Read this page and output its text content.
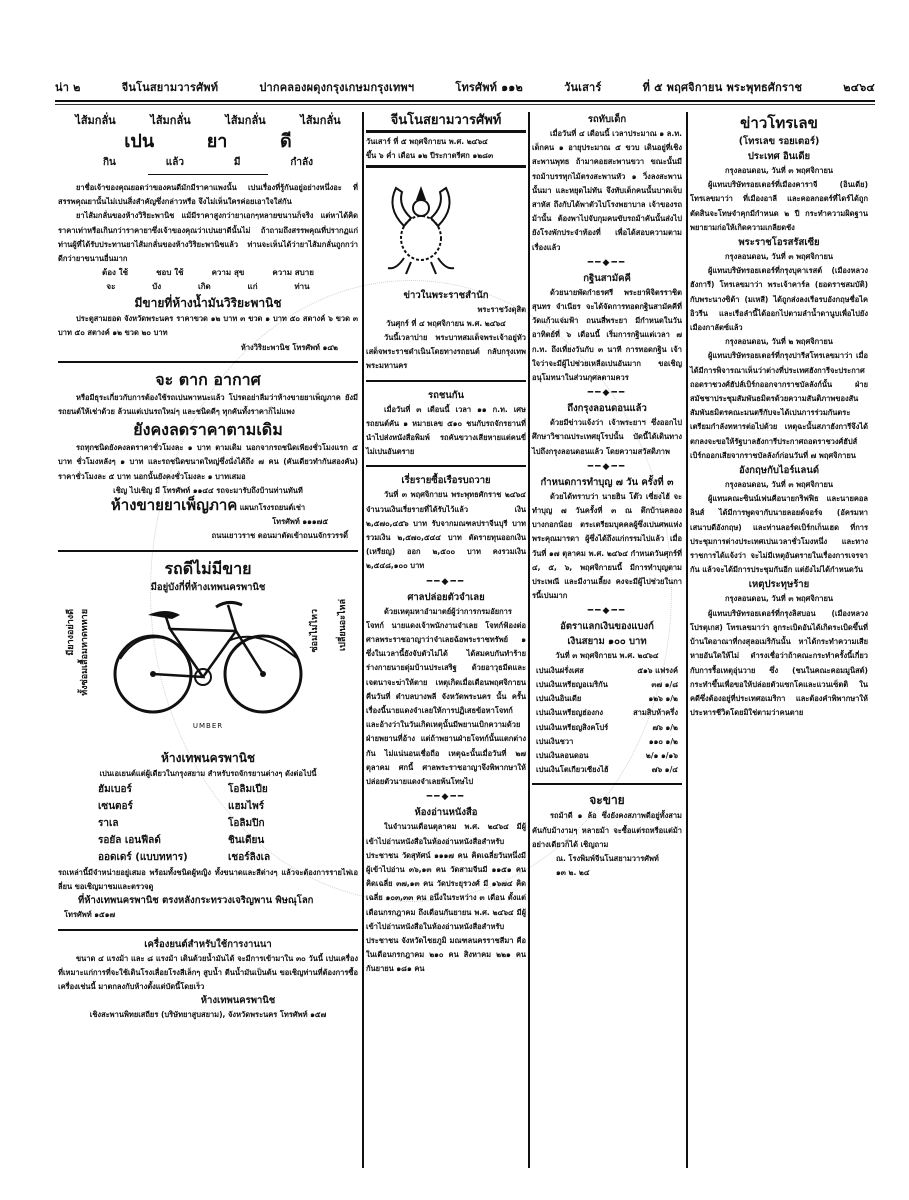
น่า ๒	จีนโนสยามวารศัพท์	ปากคลองผดุงกรุงเกษมกรุงเทพฯ	โทรศัพท์ ๑๑๒	วันเสาร์	ที่ ๕ พฤศจิกายน พระพุทธศักราช	๒๔๖๔
ไส้มกลั่น	ไส้มกลั่น	ไส้มกลั่น	ไส้มกลั่น
เปน	ยา	ดี
กิน	แล้ว	มี	กำลัง

ยาชื่อเจ้าของคุณยอดว่าของคนดีมักมีราคาแพงนั้น เปนเรื่องที่รู้กันอยู่อย่างหนึ่งอะ ที่สรรพคุณยานั้นไม่เปนสิ่งสำคัญซึ่งกล่าวหรือ จึงไม่เห็นใครค่อยเอาใจใส่กัน

ยาไส้มกลั่นของห้างวิริยะพานิช แม้มีราคาสูงกว่ายาเอกๆหลายขนานก็จริง แต่หาได้คิดราคาเท่าหรือเกินกว่าราคายาซึ่งเจ้าของคุณว่าเปนยาดีนั้นไม่ ถ้าถามถึงสรรพคุณที่ปรากฏแก่ท่านผู้ที่ได้รับประทานยาไส้มกลั่นของห้างวิริยะพานิชแล้ว ท่านจะเห็นได้ว่ายาไส้มกลั่นถูกกว่า ดีกว่ายาขนานอื่นมาก

ต้อง ใช้	ชอบ ใช้	ความ สุข	ความ สบาย
จะ	บัง	เกิด	แก่	ท่าน
มีขายที่ห้างน้ำมันวิริยะพานิช

ประตูสามยอด จังหวัดพระนคร ราคาขวด ๑๒ บาท ๓ ขวด ๑ บาท ๕๐ สตางค์ ๖ ขวด ๓ บาท ๕๐ สตางค์ ๑๒ ขวด ๒๐ บาท

ห้างวิริยะพานิช โทรศัพท์ ๑๔๒
จะ ตาก อากาศ

หรือมีธุระเกี่ยวกับการต้องใช้รถเปนพาหนะแล้ว โปรดอย่าลืมว่าห้างขายยาเพ็ญภาค ยังมีรถยนต์ให้เช่าด้วย ล้วนแต่เปนรถใหม่ๆ และชนิดดีๆ ทุกคันทั้งราคาก็ไม่แพง

ยังคงลดราคาตามเดิม

รถทุกชนิดยังคงลดราคาชั่วโมงละ ๑ บาท ตามเดิม นอกจากรถชนิดเพียงชั่วโมงแรก ๕ บาท ชั่วโมงหลังๆ ๑ บาท และรถชนิดขนาดใหญ่ซึ่งนั่งได้ถึง ๗ คน (คันเดียวทำกันสองคัน) ราคาชั่วโมงละ ๕ บาท นอกนั้นยังคงชั่วโมงละ ๑ บาทเสมอ

เชิญ ไปเชิญ มี โทรศัพท์ ๑๑๔๔ รถจะมารับถึงบ้านท่านทันที
ห้างขายยาเพ็ญภาค แผนกโรงรถยนต์เช่า
โทรศัพท์ ๑๑๑๗๕
ถนนเยาวราช ตอนมาตัดเข้าถนนจักรวรรดิ์
รถดีไม่มีขาย
มีอยู่บังกี่ที่ห้างเทพนครพานิช
มียางอย่างดี ทั้งซ่อมเสื้อมหาดทหาย	ซ่อมไม่ไหว เปลี่ยนอะไหล่
UMBER
ห้างเทพนครพานิช
เปนเอเยนต์แต่ผู้เดียวในกรุงสยาม สำหรับรถจักรยานต่างๆ ดังต่อไปนี้
ฮัมเบอร์	โอลิมเปีย
เซนตอร์	แฮมไพร์
ราเล	โอลิมปิก
รอยัล เอนฟีลด์	ชินเดียน
ออดเดร์ (แบบทหาร)	เชอร์ลิงเล

รถเหล่านี้มีจำหน่ายอยู่เสมอ พร้อมทั้งชนิดผู้หญิง ทั้งขนาดและสีต่างๆ แล้วจะต้องการรายไฟเอลี่ยน ขอเชิญมาชมและตรวจดู

ที่ห้างเทพนครพานิช ตรงหลังกระทรวงเจริญพาน พิษณุโลก
โทรศัพท์ ๑๕๑๗
เครื่องยนต์สำหรับใช้การงานนา

ขนาด ๔ แรงม้า และ ๘ แรงม้า เดินด้วยน้ำมันได้ จะมีการเข้ามาใน ๓๐ วันนี้ เปนเครื่องที่เหมาะแก่การที่จะใช้เดินโรงเลื่อยโรงสีเล็กๆ สูบน้ำ ตีนน้ำมันเป็นต้น ขอเชิญท่านที่ต้องการซื้อเครื่องเช่นนี้ มาตกลงกับห้างตั้งแต่บัดนี้โดยเร็ว

ห้างเทพนครพานิช
เชิงสะพานพิทยเสถียร (บริษัทยาสูบสยาม), จังหวัดพระนคร โทรศัพท์ ๑๕๗
จีนโนสยามวารศัพท์
วันเสาร์ ที่ ๕ พฤศจิกายน พ.ศ. ๒๔๖๔
ขึ้น ๖ ค่ำ เดือน ๑๒ ปีระกาตรีศก ๑๒๘๓
ข่าวในพระราชสำนัก
พระราชวังดุสิต
วันศุกร์ ที่ ๔ พฤศจิกายน พ.ศ. ๒๔๖๔

วันนี้เวลาบ่าย พระบาทสมเด็จพระเจ้าอยู่หัว เสด็จพระราชดำเนินโดยทางรถยนต์ กลับกรุงเทพพระมหานคร

รถชนกัน

เมื่อวันที่ ๓ เดือนนี้ เวลา ๑๑ ก.ท. เศษ รถยนต์คัน ๑ หมายเลข ๕๑๐ ชนกับรถจักรยานที่นำไปส่งหนังสือพิมพ์ รถคันขวางเสียหายแต่คนขี่ไม่เปนอันตราย

เรี่ยรายซื้อเรือรบถวาย

วันที่ ๓ พฤศจิกายน พระพุทธศักราช ๒๔๖๔ จำนวนเงินเรี่ยรายที่ได้รับไว้แล้ว เงิน ๒,๕๗๐,๔๕๖ บาท รับจากมณฑลปราจีนบุรี บาท รวมเงิน ๒,๕๗๐,๕๔๔ บาท ตัดรายทุนออกเงิน (เหรียญ) ออก ๒,๕๐๐ บาท คงรวมเงิน ๒,๕๔๘,๑๐๐ บาท

━━◆━━
ศาลปล่อยตัวจำเลย

ด้วยเหตุมหาอำมาตย์ผู้ว่าการกรมอัยการโจทก์ นายแดงเจ้าพนักงานจำเลย โจทก์ฟ้องต่อศาลพระราชอาญาว่าจำเลยฉ้อพระราชทรัพย์ ๑ ซึ่งในเวลานี้ยังจับตัวไม่ได้ ได้สมคบกันทำร้ายร่างกายนายดุ่มบ้านประเสริฐ ด้วยอาวุธมีดและเจตนาจะฆ่าให้ตาย เหตุเกิดเมื่อเดือนพฤศจิกายน คืนวันที่ ตำบลบางพลี จังหวัดพระนคร นั้น ครั้นเรื่องนี้นายแดงจำเลยให้การปฏิเสธข้อหาโจทก์ และอ้างว่าในวันเกิดเหตุนั้นมีพยานเบิกความด้วย ฝ่ายพยานที่อ้าง แต่ถ้าพยานฝ่ายโจทก์นั้นแตกต่างกัน ไม่แน่นอนเชื่อถือ เหตุฉะนั้นเมื่อวันที่ ๒๗ ตุลาคม ศกนี้ ศาลพระราชอาญาจึงพิพากษาให้ปล่อยตัวนายแดงจำเลยพ้นโทษไป

━━◆━━
ห้องอ่านหนังสือ

ในจำนวนเดือนตุลาคม พ.ศ. ๒๔๖๔ มีผู้เข้าไปอ่านหนังสือในห้องอ่านหนังสือสำหรับประชาชน วัดสุทัศน์ ๑๑๑๗ คน คิดเฉลี่ยวันหนึ่งมีผู้เข้าไปอ่าน ๓๖,๑๓ คน วัดสามจีนมี ๑๑๕๑ คน คิดเฉลี่ย ๓๗,๑๓ คน วัดประยุรวงศ์ มี ๑๖๗๔ คิดเฉลี่ย ๑๐๓,๓๓ คน อนึ่งในระหว่าง ๓ เดือน ตั้งแต่เดือนกรกฎาคม ถึงเดือนกันยายน พ.ศ. ๒๔๖๔ มีผู้เข้าไปอ่านหนังสือในห้องอ่านหนังสือสำหรับประชาชน จังหวัดไชยภูมิ มณฑลนครราชสีมา คือในเดือนกรกฎาคม ๒๑๐ คน สิงหาคม ๒๒๑ คน กันยายน ๑๘๑ คน

รถทับเด็ก

เมื่อวันที่ ๔ เดือนนี้ เวลาประมาณ ๑ ล.ท. เด็กคน ๑ อายุประมาณ ๕ ขวบ เดินอยู่ที่เชิงสะพานพุทธ ถ้ามาคอยสะพานขวา ขณะนั้นมีรถม้าบรรทุกไม้ตรงสะพานหัว ๑ วิ่งลงสะพานนั้นมา และหยุดไม่ทัน จึงทับเด็กคนนั้นบาดเจ็บสาหัส ถึงกับได้พาตัวไปโรงพยาบาล เจ้าของรถม้านั้น ต้องพาไปจับกุมคนขับรถม้าคันนั้นส่งไปยังโรงพักประจำท้องที่ เพื่อได้สอบความตามเรื่องแล้ว

━━◆━━
กฐินสามัคคี

ด้วยนายพัดกำธรศรี พระยาพิจิตรราชิตสุนทร จำเนียร จะได้จัดการทอดกฐินสามัคคีที่วัดแก้วแจ่มฟ้า ถนนสี่พระยา มีกำหนดในวันอาทิตย์ที่ ๖ เดือนนี้ เริ่มการกฐินแต่เวลา ๗ ก.ท. ถึงเที่ยงวันกับ ๓ นาที การทอดกฐิน เจ้าใจว่าจะมีผู้ไปช่วยเหลือเปนอันมาก ขอเชิญอนุโมทนาในส่วนกุศลตามควร

━━◆━━
ถึงกรุงลอนดอนแล้ว

ด้วยมีข่าวแจ้งว่า เจ้าพระยาฯ ซึ่งออกไปศึกษาวิชาณประเทศยุโรปนั้น บัดนี้ได้เดินทางไปถึงกรุงลอนดอนแล้ว โดยความสวัสดิภาพ

━━◆━━
กำหนดการทำบุญ ๗ วัน ครั้งที่ ๓

ด้วยได้ทราบว่า นายฮิน โต๊ว เซี่ยงไฮ้ จะทำบุญ ๗ วันครั้งที่ ๓ ณ ตึกบ้านคลองบางกอกน้อย ตระเตรียมบุคคลผู้ซึ่งเปนศพแห่งพระคุณมารดา ผู้ซึ่งได้ถึงแก่กรรมไปแล้ว เมื่อวันที่ ๑๗ ตุลาคม พ.ศ. ๒๔๖๔ กำหนดวันศุกร์ที่ ๔, ๕, ๖, พฤศจิกายนนี้ มีการทำบุญตามประเพณี และมีงานเลี้ยง คงจะมีผู้ไปช่วยในการนี้เปนมาก

━━◆━━
อัตราแลกเงินของแบงก์
เงินสยาม ๑๐๐ บาท
วันที่ ๓ พฤศจิกายน พ.ศ. ๒๔๖๔
เปนเงินฝรั่งเศส	๕๑๖ แฟรงค์
เปนเงินเหรียญอเมริกัน	๓๗ ๑/๘
เปนเงินอินเดีย	๑๒๖ ๑/๒
เปนเงินเหรียญฮ่องกง	สามสิบห้าครึ่ง
เปนเงินเหรียญสิงคโปร์	๗๖ ๑/๒
เปนเงินชวา	๑๑๐ ๑/๒
เปนเงินลอนดอน	๒/๑ ๑/๑๖
เปนเงินโตเกียวเซียงไฮ้	๗๖ ๑/๔
จะขาย

รถม้าดี ๑ ล้อ ซึ่งยังคงสภาพดีอยู่ทั้งสามคันกับม้างามๆ หลายม้า จะซื้อแต่รถหรือแต่ม้าอย่างเดียวก็ได้ เชิญถาม

ณ. โรงพิมพ์จีนโนสยามวารศัพท์
๑๓ ๒. ๒๔
ข่าวโทรเลข
(โทรเลข รอยเตอร์)
ประเทศ อินเดีย
กรุงลอนดอน, วันที่ ๓ พฤศจิกายน

ผู้แทนบริษัทรอยเตอร์ที่เมืองคาราจี (อินเดีย) โทรเลขมาว่า ที่เมืองอาลี และคอลกอตร์ที่ไดร์ได้ถูกตัดสินจะโทษจำคุกมีกำหนด ๒ ปี กระทำความผิดฐานพยายามก่อให้เกิดความเกลียดชัง

พระราชโอรสรัสเซีย
กรุงลอนดอน, วันที่ ๓ พฤศจิกายน

ผู้แทนบริษัทรอยเตอร์ที่กรุงบุคาเรสต์ (เมืองหลวงฮังการี) โทรเลขมาว่า พระเจ้าคาร์ล (ยอดราชสมบัติ) กับพระนางซิต้า (มเหสี) ได้ถูกส่งลงเรือรบอังกฤษชื่อไคอิวรีน และเรือลำนี้ได้ออกไปตามลำน้ำดานูบเพื่อไปยังเมืองกาลัตซ์แล้ว

กรุงลอนดอน, วันที่ ๒ พฤศจิกายน

ผู้แทนบริษัทรอยเตอร์ที่กรุงปารีสโทรเลขมาว่า เมื่อได้มีการพิจารณาเห็นว่าต่างที่ประเทศฮังการีจะประกาศถอดราชวงศ์ฮัปส์เบิร์กออกจากราชบัลลังก์นั้น ฝ่ายสมัชชาประชุมสัมพันธมิตรด้วยความสันติภาพของสันสัมพันธมิตรคณะมนตรีกับจะได้เปนการร่วมกันตระเตรียมกำลังทหารต่อไปด้วย เหตุฉะนั้นสภาฮังการีจึงได้ตกลงจะขอให้รัฐบาลฮังการีประกาศถอดราชวงศ์ฮัปส์เบิร์กออกเสียจากราชบัลลังก์ก่อนวันที่ ๗ พฤศจิกายน

อังกฤษกับไอร์แลนด์
กรุงลอนดอน, วันที่ ๓ พฤศจิกายน

ผู้แทนคณะซินน์เฟนคือนายกริฟฟิธ และนายคอลลินส์ ได้มีการพูดจากับนายลอยด์จอร์จ (อัครมหาเสนาบดีอังกฤษ) และท่านลอร์ดเบิร์กเก็นเฮด ที่การประชุมการต่างประเทศเปนเวลาชั่วโมงหนึ่ง และทางราชการได้แจ้งว่า จะไม่มีเหตุอันตรายในเรื่องการเจรจากัน แล้วจะได้มีการประชุมกันอีก แต่ยังไม่ได้กำหนดวัน

เหตุประทุษร้าย
กรุงลอนดอน, วันที่ ๓ พฤศจิกายน

ผู้แทนบริษัทรอยเตอร์ที่กรุงลิสบอน (เมืองหลวงโปรตุเกส) โทรเลขมาว่า ลูกระเบิดอันได้เกิดระเบิดขึ้นที่บ้านใดอาณาที่กงสุลอเมริกันนั้น หาได้กระทำความเสียหายอันใดให้ไม่ ดำรงเชื่อว่าถ้าคณะกระทำครั้งนี้เกี่ยวกับการรื้อเหตุอุ่นวาย ซึ่ง (ชนในคณะคอมมูนิสต์) กระทำขึ้นเพื่อขอให้ปล่อยตัวแซกโคและแวนเซ็ตติ ในคดีซึ่งต้องอยู่ที่ประเทศอเมริกา และต้องคำพิพากษาให้ประหารชีวิตโดยมิใช่ตามว่าคนตาย
